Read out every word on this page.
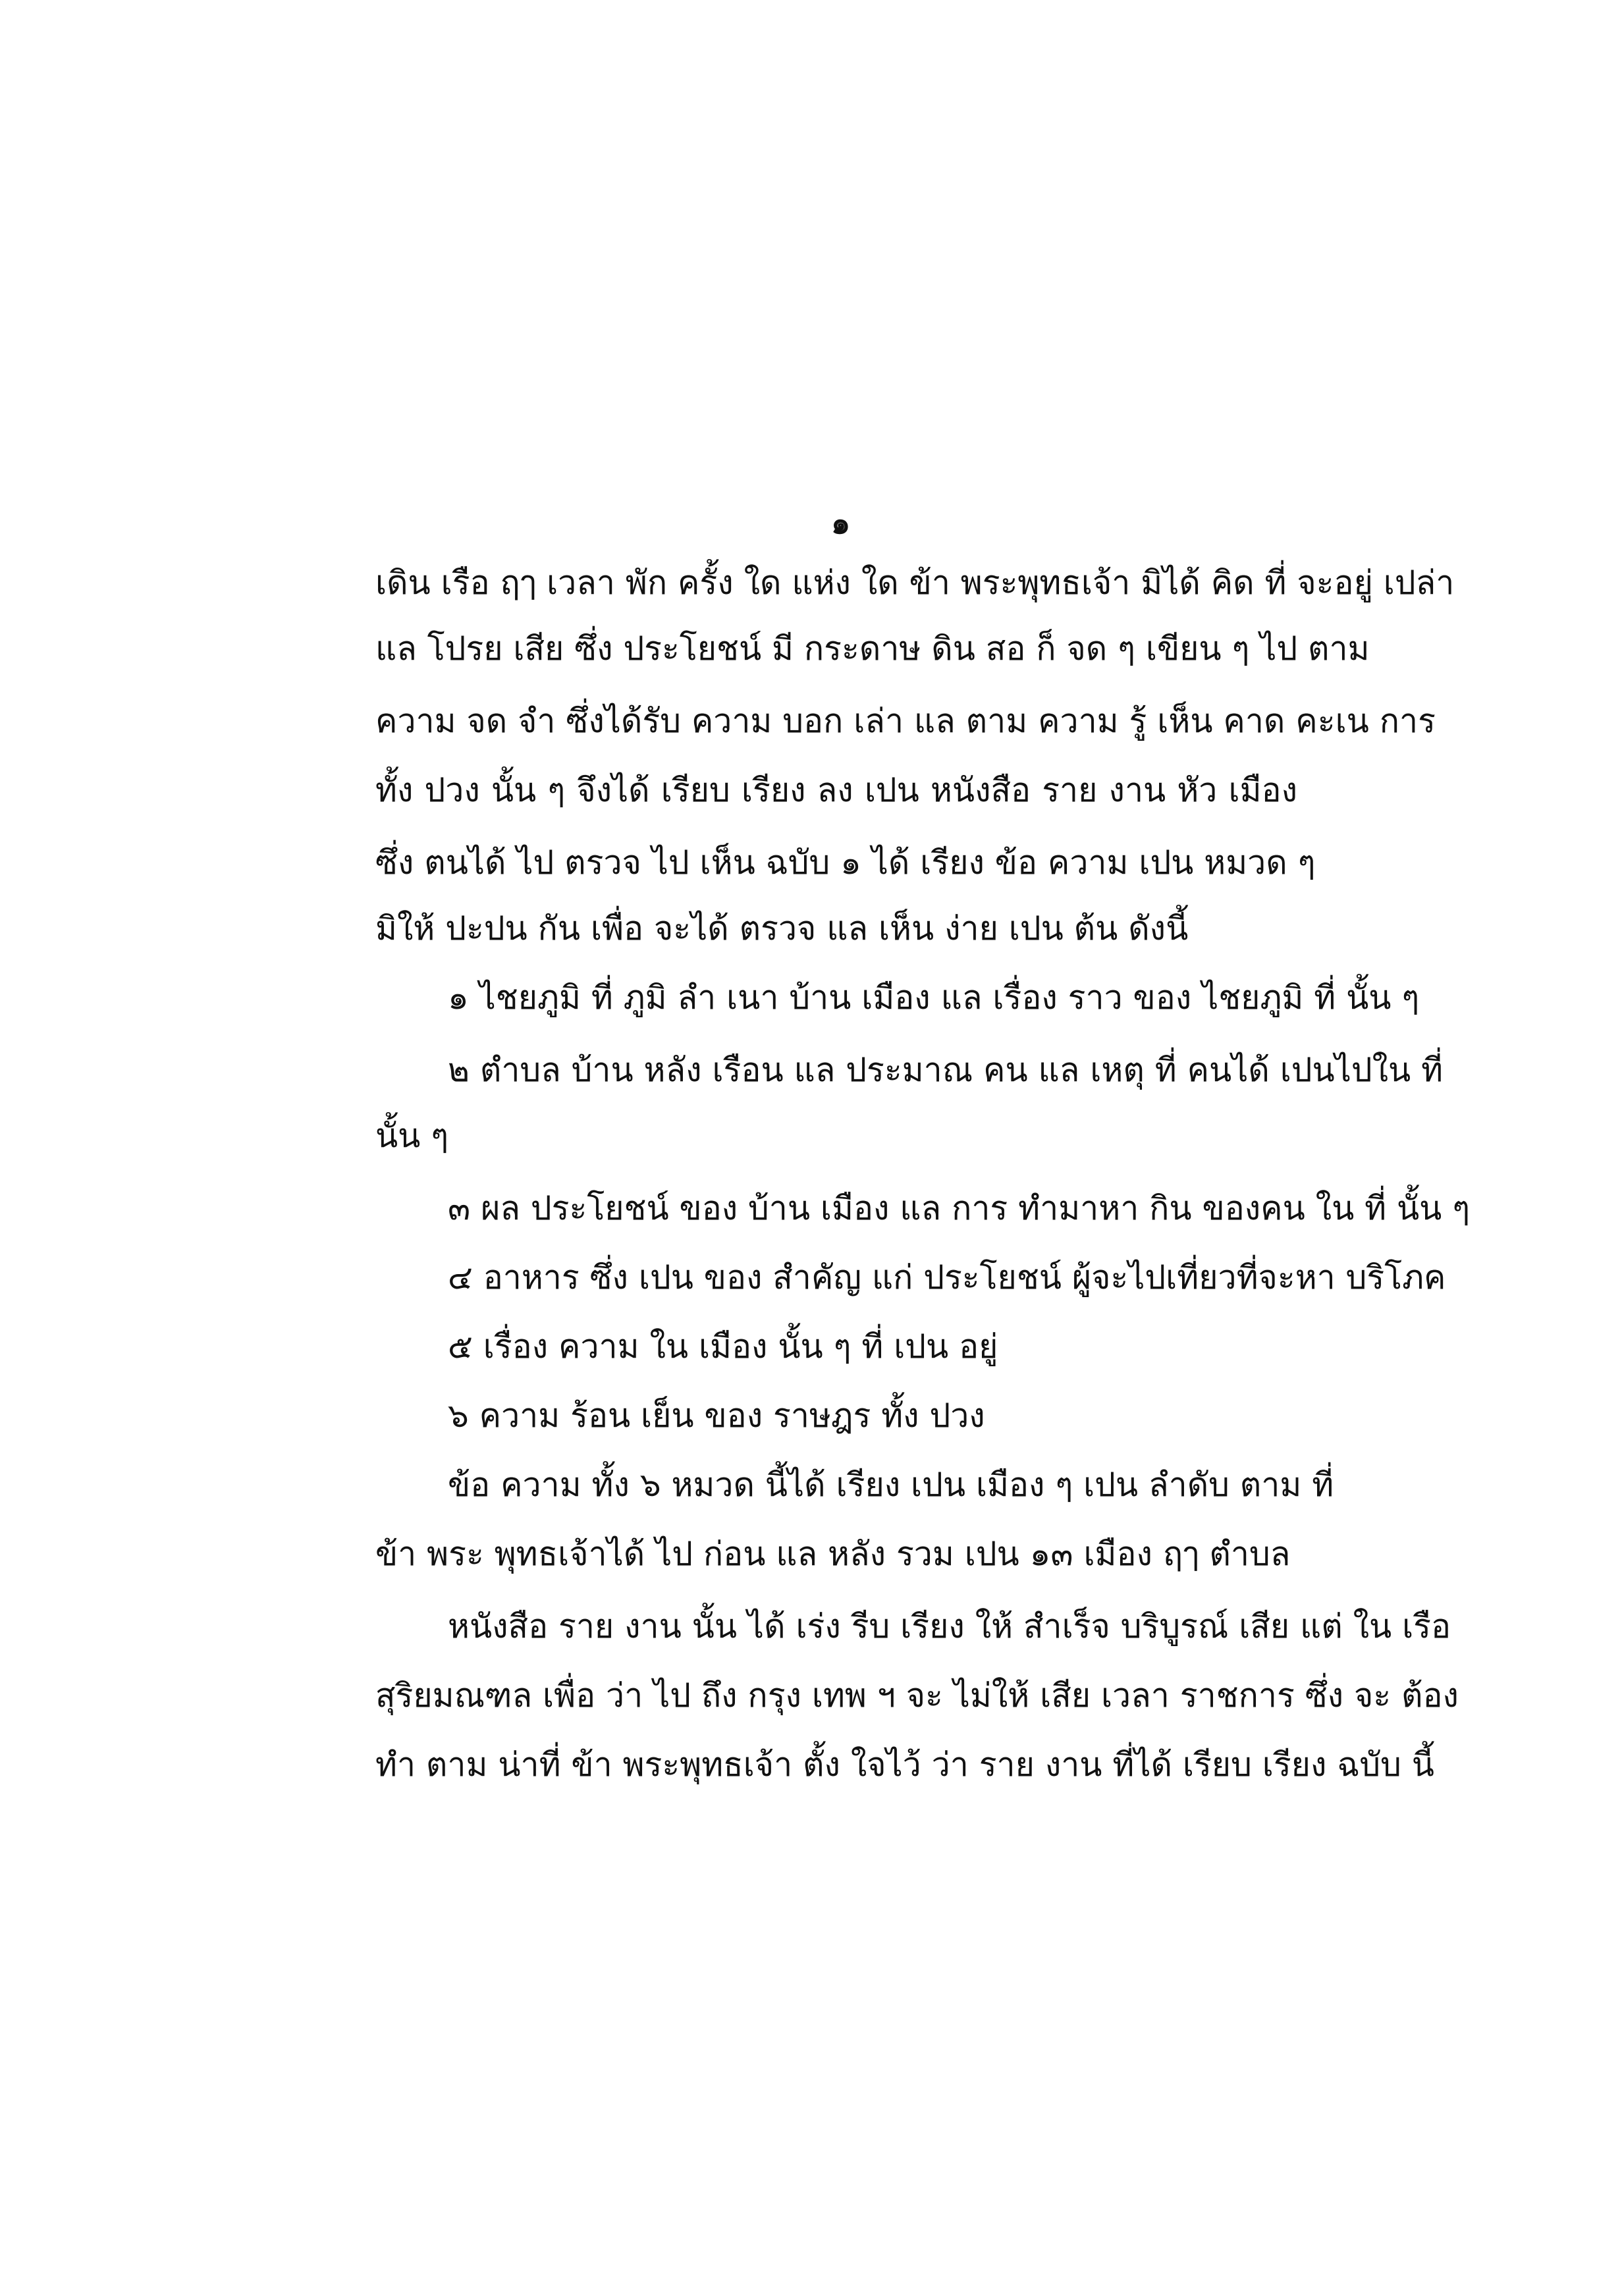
๑
เดิน เรือ ฤๅ เวลา พัก ครั้ง ใด แห่ง ใด ข้า พระพุทธเจ้า มิได้ คิด ที่ จะอยู่ เปล่า
แล โปรย เสีย ซึ่ง ประโยชน์ มี กระดาษ ดิน สอ ก็ จด ๆ เขียน ๆ ไป ตาม
ความ จด จำ ซึ่งได้รับ ความ บอก เล่า แล ตาม ความ รู้ เห็น คาด คะเน การ
ทั้ง ปวง นั้น ๆ จึงได้ เรียบ เรียง ลง เปน หนังสือ ราย งาน หัว เมือง
ซึ่ง ตนได้ ไป ตรวจ ไป เห็น ฉบับ ๑ ได้ เรียง ข้อ ความ เปน หมวด ๆ
มิให้ ปะปน กัน เพื่อ จะได้ ตรวจ แล เห็น ง่าย เปน ต้น ดังนี้
๑ ไชยภูมิ ที่ ภูมิ ลำ เนา บ้าน เมือง แล เรื่อง ราว ของ ไชยภูมิ ที่ นั้น ๆ
๒ ตำบล บ้าน หลัง เรือน แล ประมาณ คน แล เหตุ ที่ คนได้ เปนไปใน ที่
นั้น ๆ
๓ ผล ประโยชน์ ของ บ้าน เมือง แล การ ทำมาหา กิน ของคน ใน ที่ นั้น ๆ
๔ อาหาร ซึ่ง เปน ของ สำคัญ แก่ ประโยชน์ ผู้จะไปเที่ยวที่จะหา บริโภค
๕ เรื่อง ความ ใน เมือง นั้น ๆ ที่ เปน อยู่
๖ ความ ร้อน เย็น ของ ราษฎร ทั้ง ปวง
ข้อ ความ ทั้ง ๖ หมวด นี้ได้ เรียง เปน เมือง ๆ เปน ลำดับ ตาม ที่
ข้า พระ พุทธเจ้าได้ ไป ก่อน แล หลัง รวม เปน ๑๓ เมือง ฤๅ ตำบล
หนังสือ ราย งาน นั้น ได้ เร่ง รีบ เรียง ให้ สำเร็จ บริบูรณ์ เสีย แต่ ใน เรือ
สุริยมณฑล เพื่อ ว่า ไป ถึง กรุง เทพ ฯ จะ ไม่ให้ เสีย เวลา ราชการ ซึ่ง จะ ต้อง
ทำ ตาม น่าที่ ข้า พระพุทธเจ้า ตั้ง ใจไว้ ว่า ราย งาน ที่ได้ เรียบ เรียง ฉบับ นี้
